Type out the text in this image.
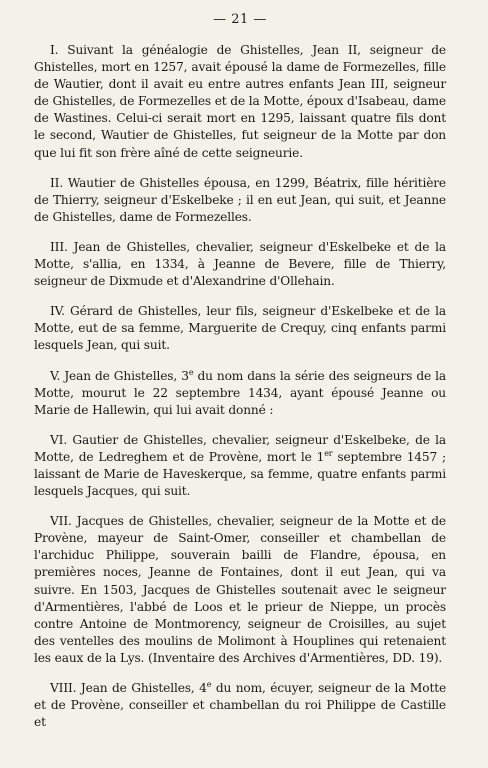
— 21 —

I. Suivant la généalogie de Ghistelles, Jean II, seigneur de Ghistelles, mort en 1257, avait épousé la dame de Formezelles, fille de Wautier, dont il avait eu entre autres enfants Jean III, seigneur de Ghistelles, de Formezelles et de la Motte, époux d'Isabeau, dame de Wastines. Celui-ci serait mort en 1295, laissant quatre fils dont le second, Wautier de Ghistelles, fut seigneur de la Motte par don que lui fit son frère aîné de cette seigneurie.

II. Wautier de Ghistelles épousa, en 1299, Béatrix, fille héritière de Thierry, seigneur d'Eskelbeke ; il en eut Jean, qui suit, et Jeanne de Ghistelles, dame de Formezelles.

III. Jean de Ghistelles, chevalier, seigneur d'Eskelbeke et de la Motte, s'allia, en 1334, à Jeanne de Bevere, fille de Thierry, seigneur de Dixmude et d'Alexandrine d'Ollehain.

IV. Gérard de Ghistelles, leur fils, seigneur d'Eskelbeke et de la Motte, eut de sa femme, Marguerite de Crequy, cinq enfants parmi lesquels Jean, qui suit.

V. Jean de Ghistelles, 3e du nom dans la série des seigneurs de la Motte, mourut le 22 septembre 1434, ayant épousé Jeanne ou Marie de Hallewin, qui lui avait donné :

VI. Gautier de Ghistelles, chevalier, seigneur d'Eskelbeke, de la Motte, de Ledreghem et de Provène, mort le 1er septembre 1457 ; laissant de Marie de Haveskerque, sa femme, quatre enfants parmi lesquels Jacques, qui suit.

VII. Jacques de Ghistelles, chevalier, seigneur de la Motte et de Provène, mayeur de Saint-Omer, conseiller et chambellan de l'archiduc Philippe, souverain bailli de Flandre, épousa, en premières noces, Jeanne de Fontaines, dont il eut Jean, qui va suivre. En 1503, Jacques de Ghistelles soutenait avec le seigneur d'Armentières, l'abbé de Loos et le prieur de Nieppe, un procès contre Antoine de Montmorency, seigneur de Croisilles, au sujet des ventelles des moulins de Molimont à Houplines qui retenaient les eaux de la Lys. (Inventaire des Archives d'Armentières, DD. 19).

VIII. Jean de Ghistelles, 4e du nom, écuyer, seigneur de la Motte et de Provène, conseiller et chambellan du roi Philippe de Castille et
